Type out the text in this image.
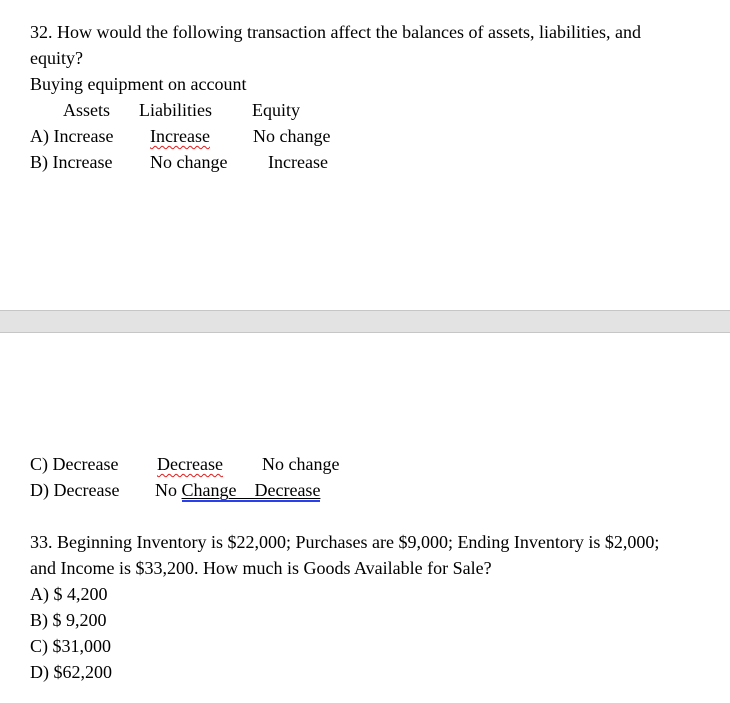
32. How would the following transaction affect the balances of assets, liabilities, and
equity?
Buying equipment on account
Assets Liabilities Equity
A) Increase Increase No change
B) Increase No change Increase
C) Decrease Decrease No change
D) Decrease No Change    Decrease
33. Beginning Inventory is $22,000; Purchases are $9,000; Ending Inventory is $2,000;
and Income is $33,200. How much is Goods Available for Sale?
A) $ 4,200
B) $ 9,200
C) $31,000
D) $62,200
